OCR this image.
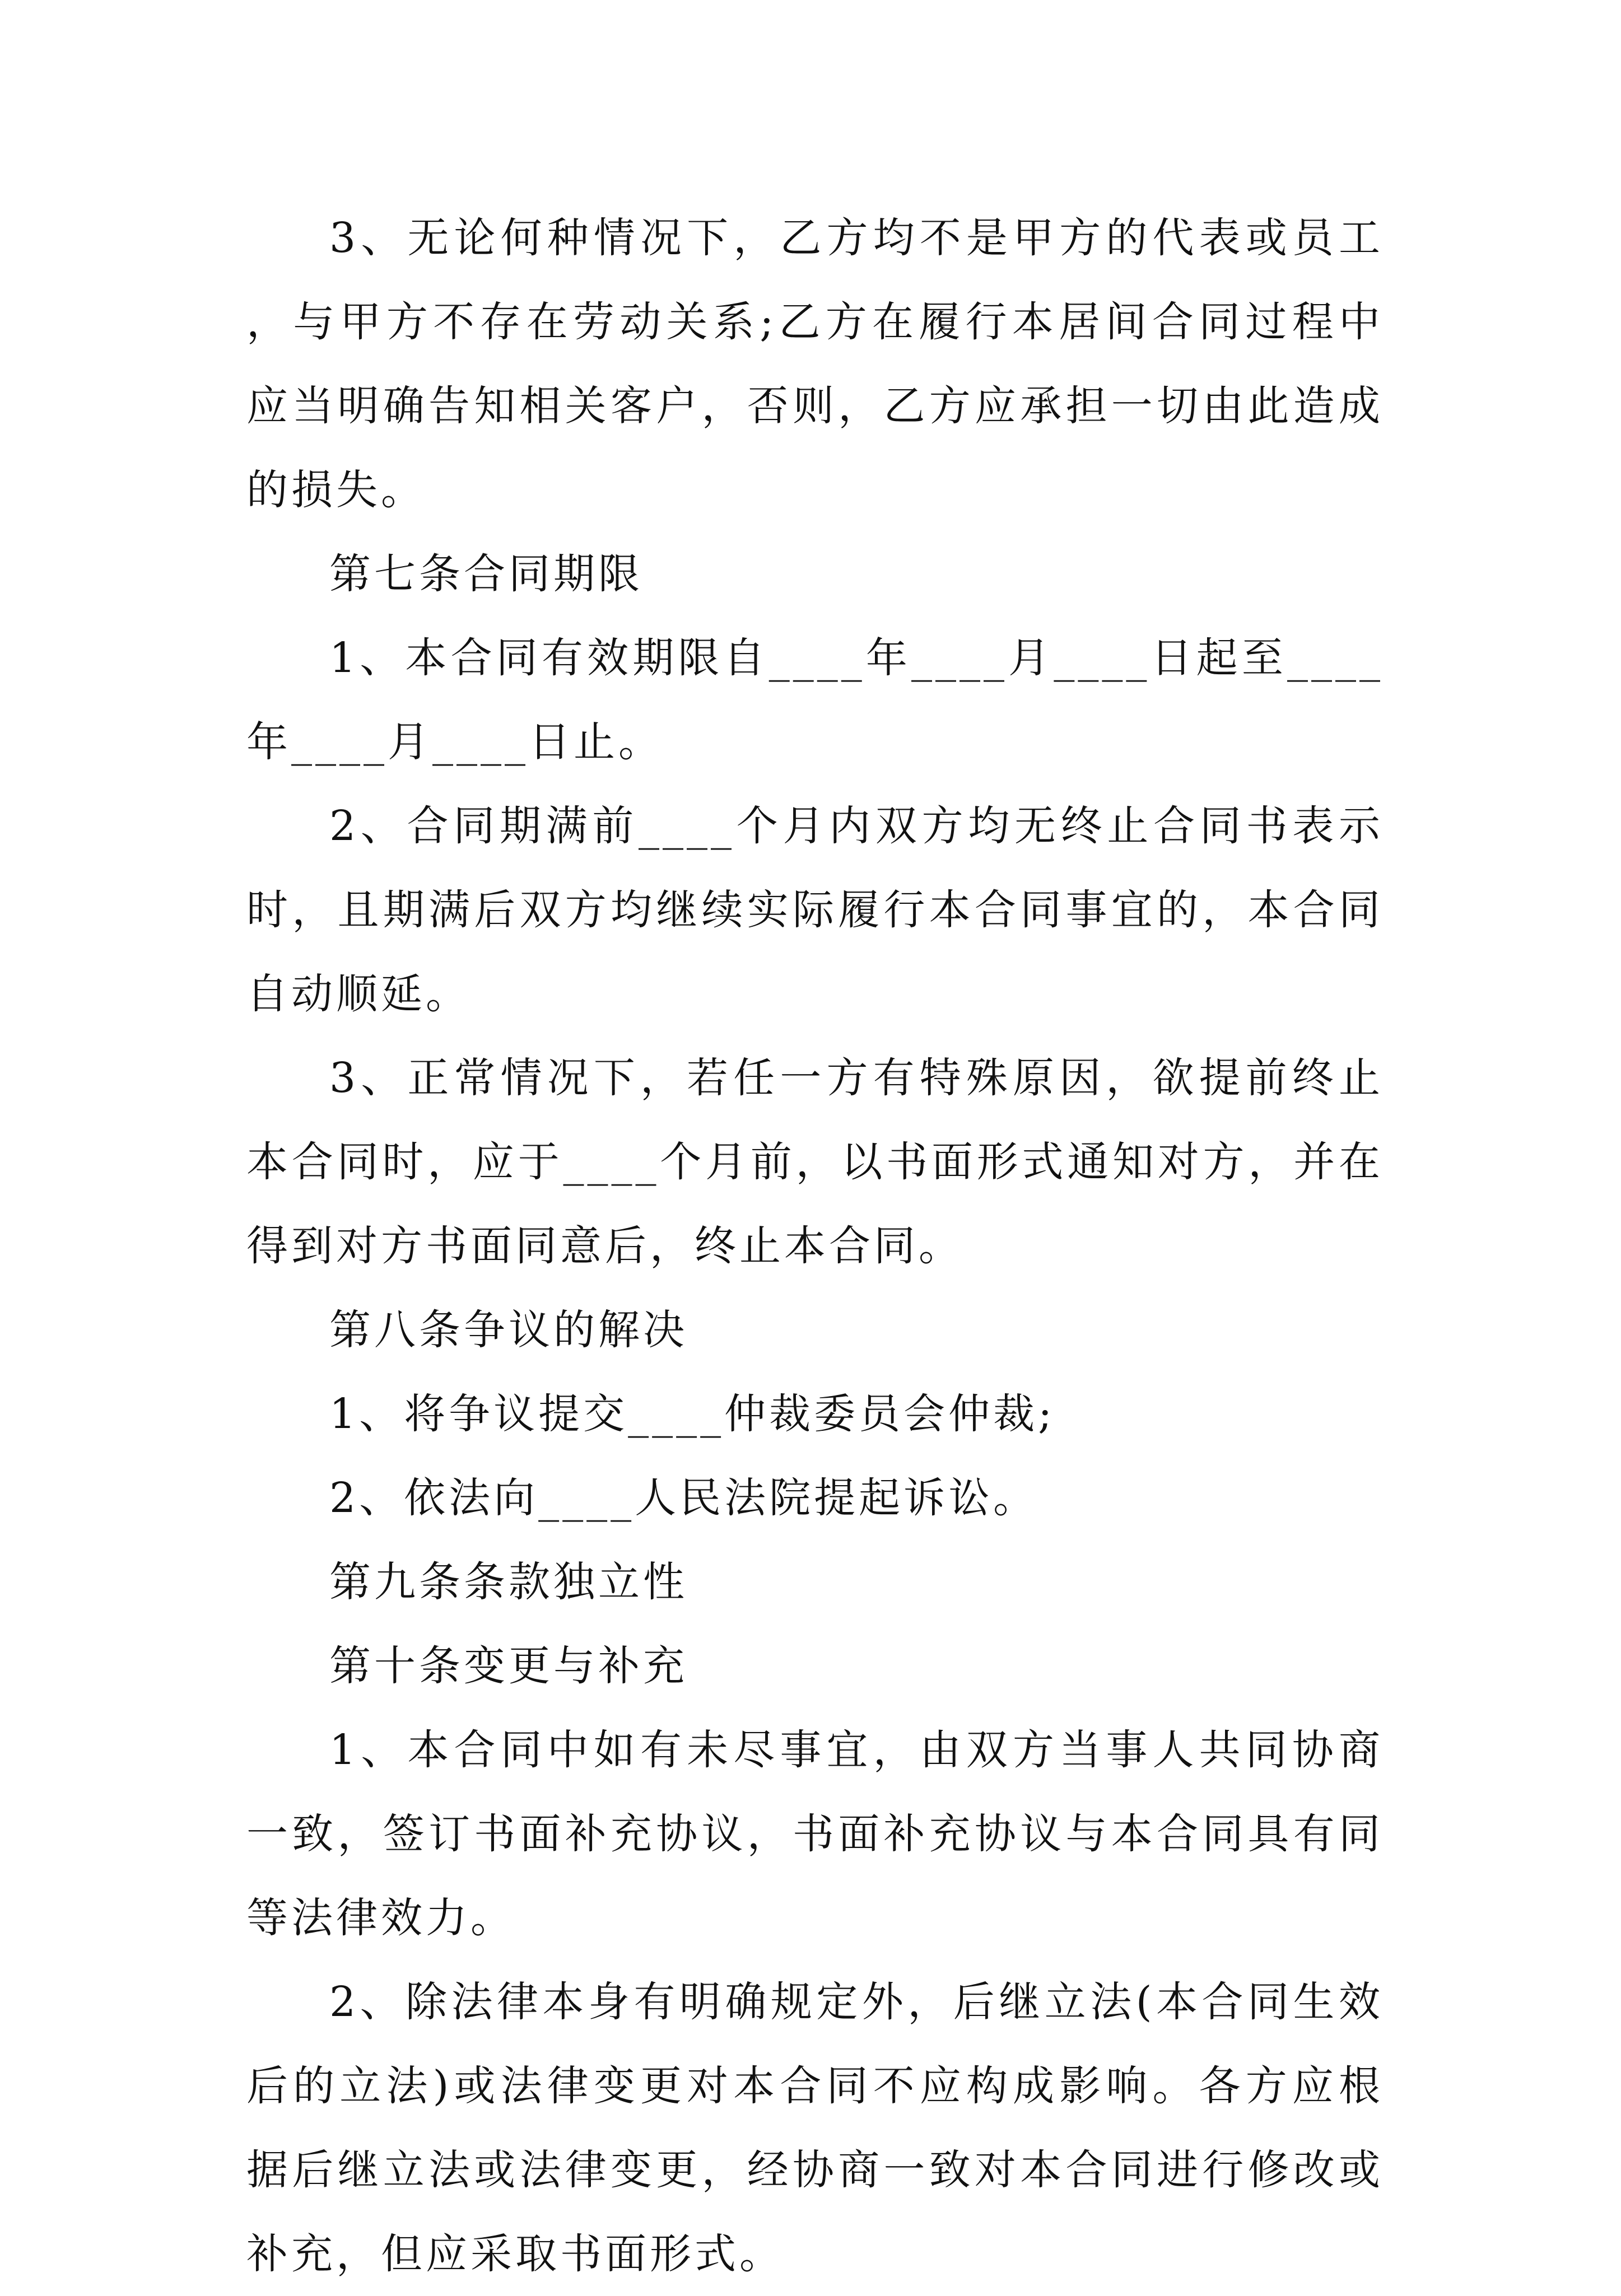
3、无论何种情况下，乙方均不是甲方的代表或员工，与甲方不存在劳动关系;乙方在履行本居间合同过程中应当明确告知相关客户，否则，乙方应承担一切由此造成的损失。

第七条合同期限

1、本合同有效期限自____年____月____日起至____年____月____日止。

2、合同期满前____个月内双方均无终止合同书表示时，且期满后双方均继续实际履行本合同事宜的，本合同自动顺延。

3、正常情况下，若任一方有特殊原因，欲提前终止本合同时，应于____个月前，以书面形式通知对方，并在得到对方书面同意后，终止本合同。

第八条争议的解决

1、将争议提交____仲裁委员会仲裁;

2、依法向____人民法院提起诉讼。

第九条条款独立性

第十条变更与补充

1、本合同中如有未尽事宜，由双方当事人共同协商一致，签订书面补充协议，书面补充协议与本合同具有同等法律效力。

2、除法律本身有明确规定外，后继立法(本合同生效后的立法)或法律变更对本合同不应构成影响。各方应根据后继立法或法律变更，经协商一致对本合同进行修改或补充，但应采取书面形式。
